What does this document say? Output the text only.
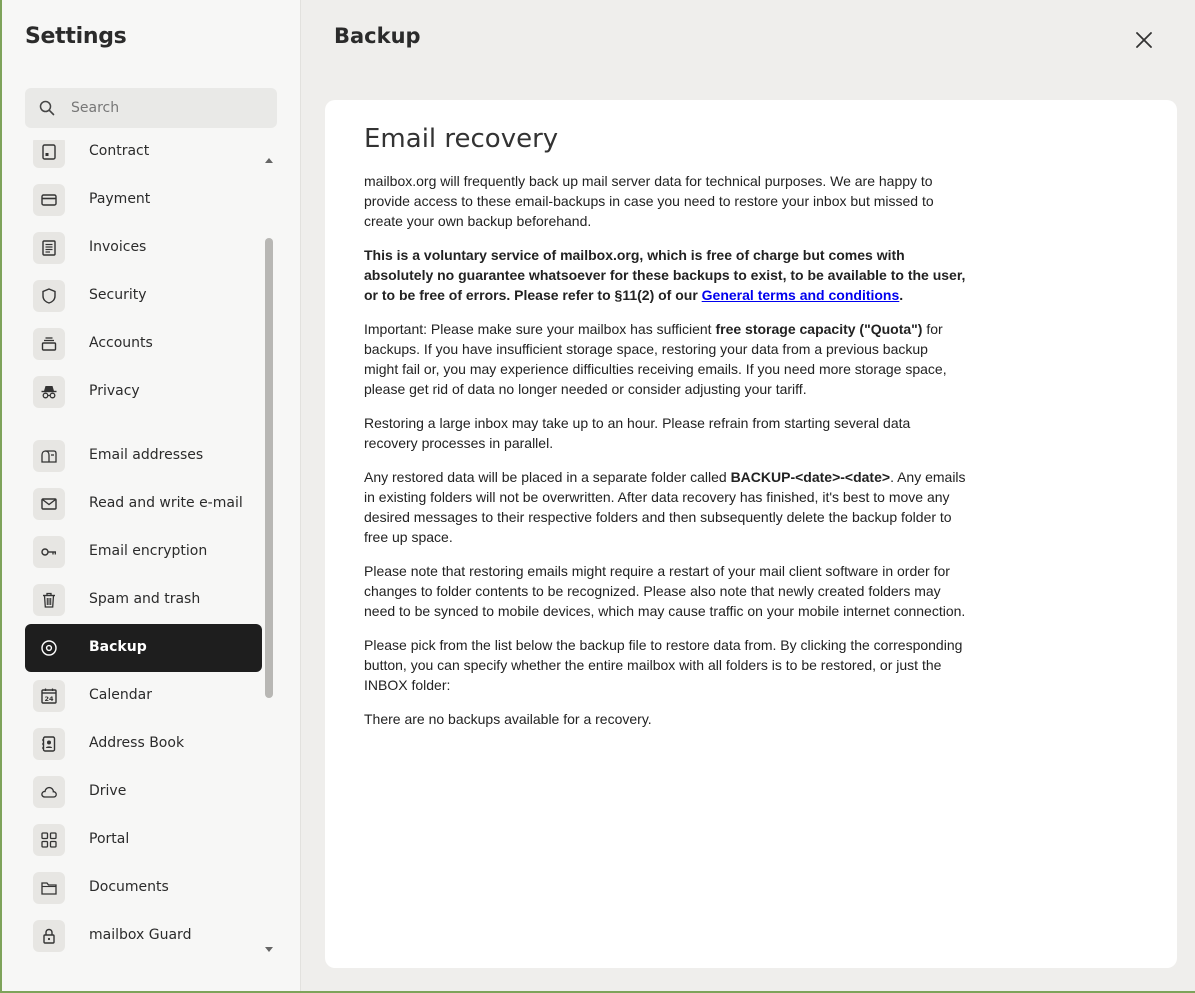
Settings
Search
Contract
Payment
Invoices
Security
Accounts
Privacy
Email addresses
Read and write e-mail
Email encryption
Spam and trash
Backup
24	Calendar
Address Book
Drive
Portal
Documents
mailbox Guard
Backup
Email recovery

mailbox.org will frequently back up mail server data for technical purposes. We are happy to provide access to these email-backups in case you need to restore your inbox but missed to create your own backup beforehand.

This is a voluntary service of mailbox.org, which is free of charge but comes with absolutely no guarantee whatsoever for these backups to exist, to be available to the user, or to be free of errors. Please refer to §11(2) of our General terms and conditions.

Important: Please make sure your mailbox has sufficient free storage capacity ("Quota") for backups. If you have insufficient storage space, restoring your data from a previous backup might fail or, you may experience difficulties receiving emails. If you need more storage space, please get rid of data no longer needed or consider adjusting your tariff.

Restoring a large inbox may take up to an hour. Please refrain from starting several data recovery processes in parallel.

Any restored data will be placed in a separate folder called BACKUP-<date>-<date>. Any emails in existing folders will not be overwritten. After data recovery has finished, it's best to move any desired messages to their respective folders and then subsequently delete the backup folder to free up space.

Please note that restoring emails might require a restart of your mail client software in order for changes to folder contents to be recognized. Please also note that newly created folders may need to be synced to mobile devices, which may cause traffic on your mobile internet connection.

Please pick from the list below the backup file to restore data from. By clicking the corresponding button, you can specify whether the entire mailbox with all folders is to be restored, or just the INBOX folder:

There are no backups available for a recovery.
